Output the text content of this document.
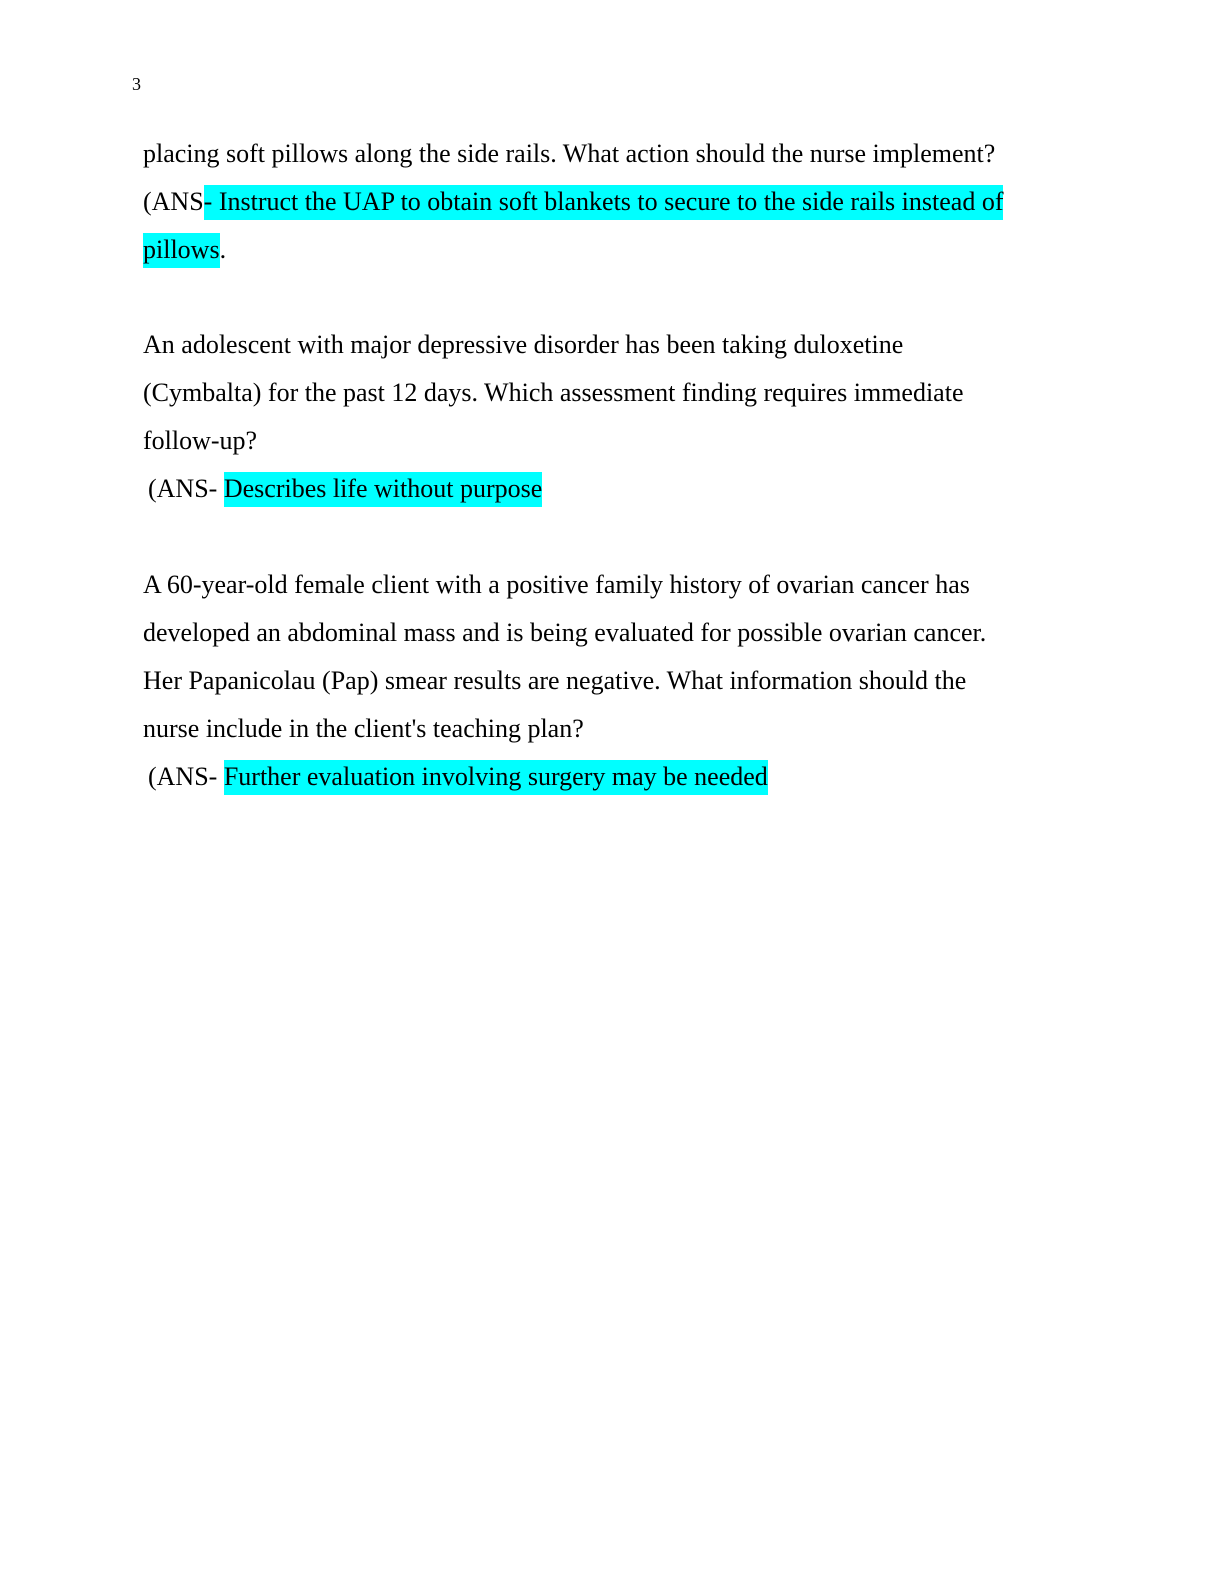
3
placing soft pillows along the side rails. What action should the nurse implement?
(ANS- Instruct the UAP to obtain soft blankets to secure to the side rails instead of
pillows.
An adolescent with major depressive disorder has been taking duloxetine
(Cymbalta) for the past 12 days. Which assessment finding requires immediate
follow-up?
(ANS- Describes life without purpose
A 60-year-old female client with a positive family history of ovarian cancer has
developed an abdominal mass and is being evaluated for possible ovarian cancer.
Her Papanicolau (Pap) smear results are negative. What information should the
nurse include in the client's teaching plan?
(ANS- Further evaluation involving surgery may be needed
